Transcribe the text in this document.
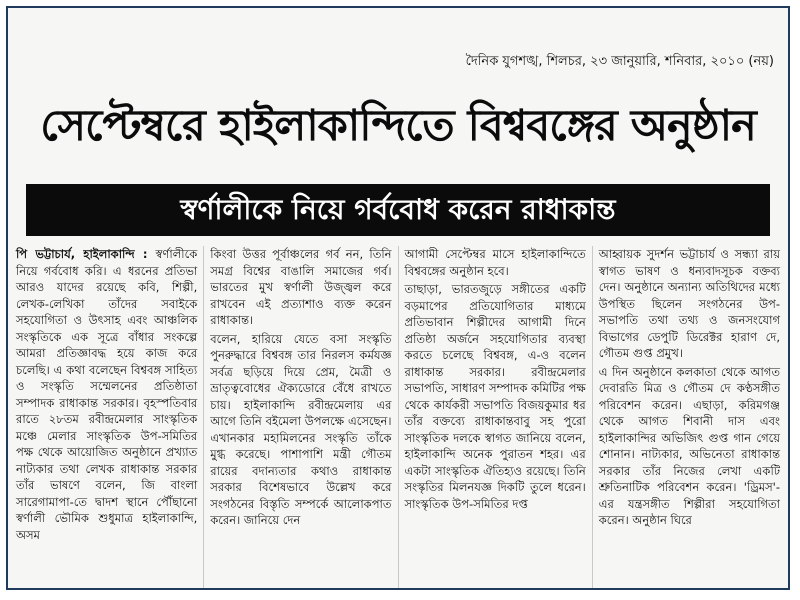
দৈনিক যুগশঙ্খ, শিলচর, ২৩ জানুয়ারি, শনিবার, ২০১০ (নয়)
সেপ্টেম্বরে হাইলাকান্দিতে বিশ্ববঙ্গের অনুষ্ঠান
স্বর্ণালীকে নিয়ে গর্ববোধ করেন রাধাকান্ত

পি ভট্টাচার্য, হাইলাকান্দি : স্বর্ণালীকে নিয়ে গর্ববোধ করি। এ ধরনের প্রতিভা আরও যাদের রয়েছে কবি, শিল্পী, লেখক-লেখিকা তাঁদের সবাইকে সহযোগিতা ও উৎসাহ এবং আঞ্চলিক সংস্কৃতিকে এক সূত্রে বাঁধার সংকল্পে আমরা প্রতিজ্ঞাবদ্ধ হয়ে কাজ করে চলেছি। এ কথা বলেছেন বিশ্ববঙ্গ সাহিত্য ও সংস্কৃতি সম্মেলনের প্রতিষ্ঠাতা সম্পাদক রাধাকান্ত সরকার। বৃহস্পতিবার রাতে ২৮তম রবীন্দ্রমেলার সাংস্কৃতিক মঞ্চে মেলার সাংস্কৃতিক উপ-সমিতির পক্ষ থেকে আয়োজিত অনুষ্ঠানে প্রখ্যাত নাট্যকার তথা লেখক রাধাকান্ত সরকার তাঁর ভাষণে বলেন, জি বাংলা সারেগামাপা-তে দ্বাদশ স্থানে পৌঁছানো স্বর্ণালী ভৌমিক শুধুমাত্র হাইলাকান্দি, অসম

কিংবা উত্তর পূর্বাঞ্চলের গর্ব নন, তিনি সমগ্র বিশ্বের বাঙালি সমাজের গর্ব। ভারতের মুখ স্বর্ণালী উজ্জ্বল করে রাখবেন এই প্রত্যাশাও ব্যক্ত করেন রাধাকান্ত।

বলেন, হারিয়ে যেতে বসা সংস্কৃতি পুনরুদ্ধারে বিশ্ববঙ্গ তার নিরলস কর্মযজ্ঞ সর্বত্র ছড়িয়ে দিয়ে প্রেম, মৈত্রী ও ভ্রাতৃত্ববোধের ঐক্যডোরে বেঁধে রাখতে চায়। হাইলাকান্দি রবীন্দ্রমেলায় এর আগে তিনি বইমেলা উপলক্ষে এসেছেন। এখানকার মহামিলনের সংস্কৃতি তাঁকে মুগ্ধ করেছে। পাশাপাশি মন্ত্রী গৌতম রায়ের বদান্যতার কথাও রাধাকান্ত সরকার বিশেষভাবে উল্লেখ করে সংগঠনের বিস্তৃতি সম্পর্কে আলোকপাত করেন। জানিয়ে দেন

আগামী সেপ্টেম্বর মাসে হাইলাকান্দিতে বিশ্ববঙ্গের অনুষ্ঠান হবে।

তাছাড়া, ভারতজুড়ে সঙ্গীতের একটি বড়মাপের প্রতিযোগিতার মাধ্যমে প্রতিভাবান শিল্পীদের আগামী দিনে প্রতিষ্ঠা অর্জনে সহযোগিতার ব্যবস্থা করতে চলেছে বিশ্ববঙ্গ, এ-ও বলেন রাধাকান্ত সরকার। রবীন্দ্রমেলার সভাপতি, সাধারণ সম্পাদক কমিটির পক্ষ থেকে কার্যকরী সভাপতি বিজয়কুমার ধর তাঁর বক্তব্যে রাধাকান্তবাবু সহ পুরো সাংস্কৃতিক দলকে স্বাগত জানিয়ে বলেন, হাইলাকান্দি অনেক পুরাতন শহর। এর একটা সাংস্কৃতিক ঐতিহ্যও রয়েছে। তিনি সংস্কৃতির মিলনযজ্ঞ দিকটি তুলে ধরেন। সাংস্কৃতিক উপ-সমিতির দপ্ত

আহ্বায়ক সুদর্শন ভট্টাচার্য ও সন্ধ্যা রায় স্বাগত ভাষণ ও ধন্যবাদসূচক বক্তব্য দেন। অনুষ্ঠানে অন্যান্য অতিথিদের মধ্যে উপস্থিত ছিলেন সংগঠনের উপ-সভাপতি তথা তথ্য ও জনসংযোগ বিভাগের ডেপুটি ডিরেক্টর হারাণ দে, গৌতম গুপ্ত প্রমুখ।

এ দিন অনুষ্ঠানে কলকাতা থেকে আগত দেবারতি মিত্র ও গৌতম দে কণ্ঠসঙ্গীত পরিবেশন করেন। এছাড়া, করিমগঞ্জ থেকে আগত শিবানী দাস এবং হাইলাকান্দির অভিজিৎ গুপ্ত গান গেয়ে শোনান। নাট্যকার, অভিনেতা রাধাকান্ত সরকার তাঁর নিজের লেখা একটি শ্রুতিনাটিক পরিবেশন করেন। 'ড্রিমস'-এর যন্ত্রসঙ্গীত শিল্পীরা সহযোগিতা করেন। অনুষ্ঠান ঘিরে
